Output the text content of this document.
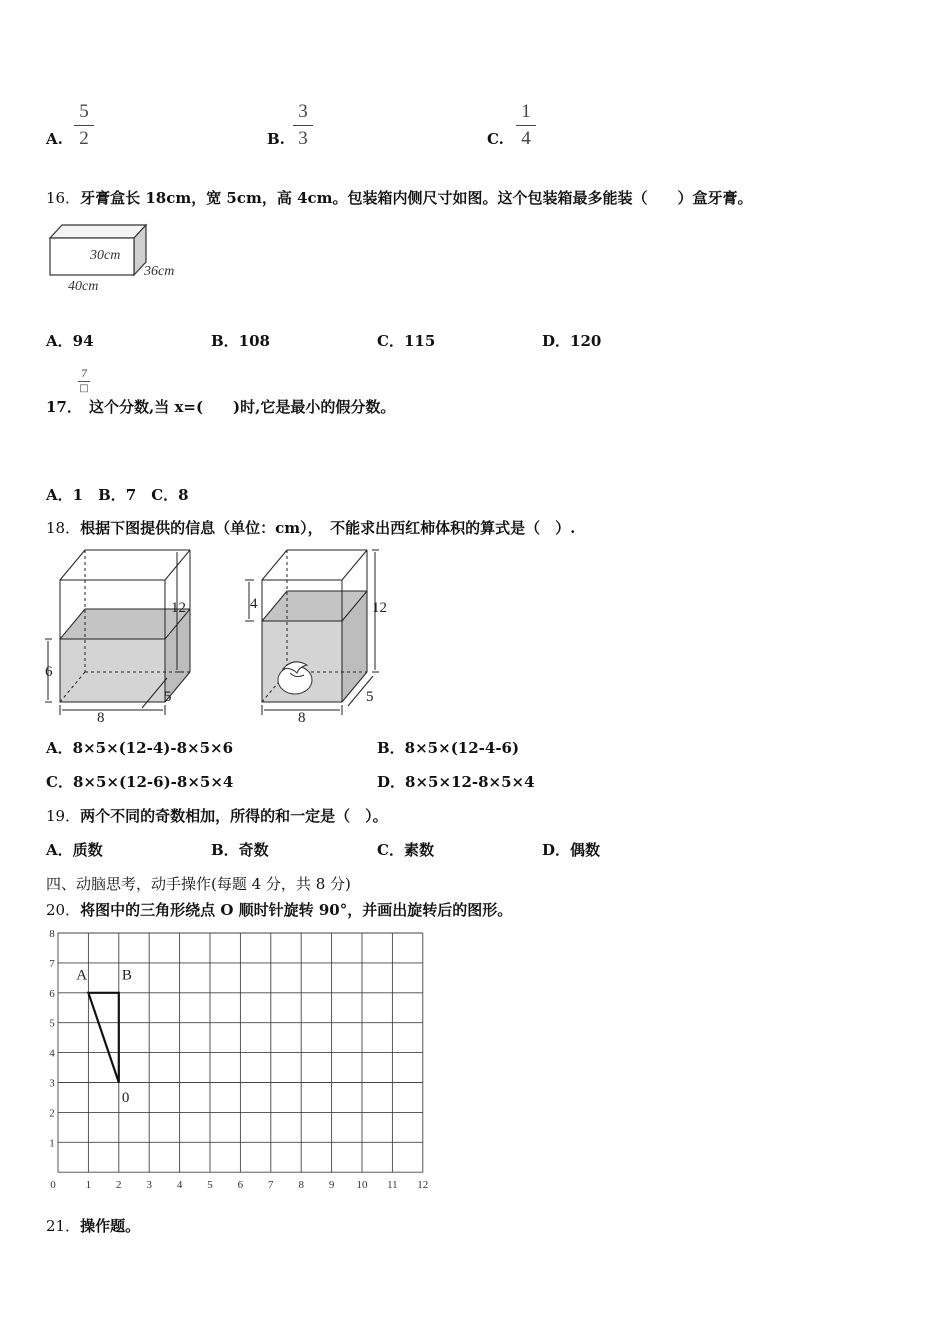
A.
5
2	B.
3
3	C.
1
4
16．牙膏盒长 18cm，宽 5cm，高 4cm。包装箱内侧尺寸如图。这个包装箱最多能装（　　）盒牙膏。
30cm
36cm
40cm
A．94	B．108	C．115	D．120
7
□
17． 这个分数,当 x=(　　)时,它是最小的假分数。
A．1　B．7　C．8
18．根据下图提供的信息（单位：cm），　不能求出西红柿体积的算式是（　）.
12
6
8
5
12
4
8
5
A．8×5×(12-4)-8×5×6	B．8×5×(12-4-6)
C．8×5×(12-6)-8×5×4	D．8×5×12-8×5×4
19．两个不同的奇数相加，所得的和一定是（　）。
A．质数	B．奇数	C．素数	D．偶数
四、动脑思考，动手操作(每题 4 分，共 8 分)
20．将图中的三角形绕点 O 顺时针旋转 90°，并画出旋转后的图形。
0	1 2 3 4 5 6 7 8 9 10 11 12
1
2
3
4
5
6
7
8
A B
0
21．操作题。
